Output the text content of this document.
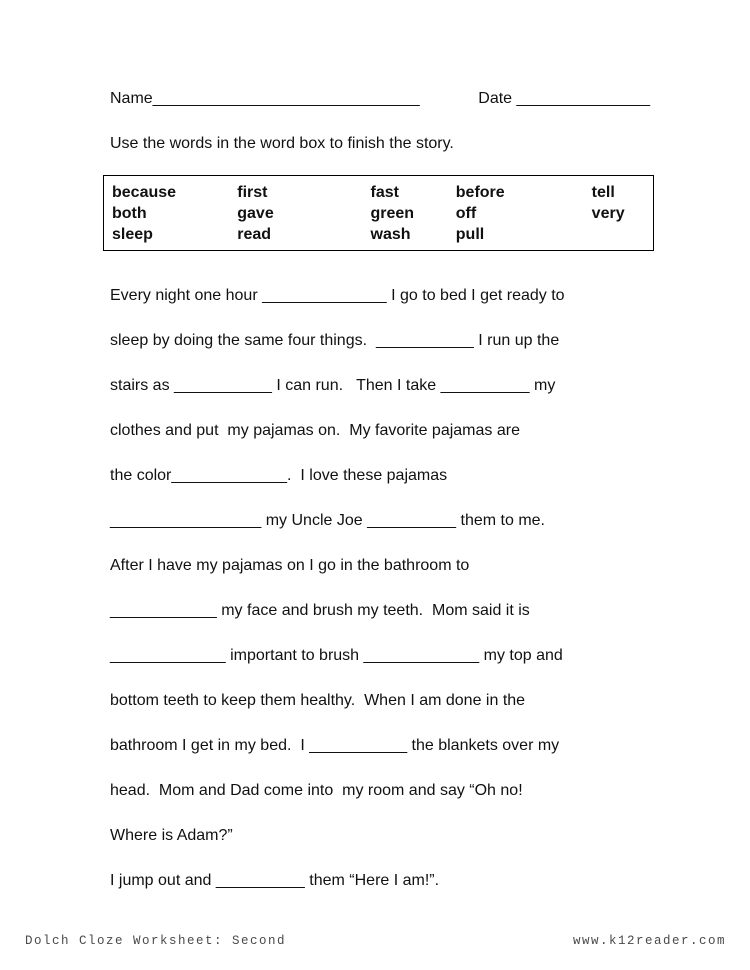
Name______________________________	Date _______________
Use the words in the word box to finish the story.
because	first	fast	before	tell
both	gave	green	off	very
sleep	read	wash	pull

Every night one hour ______________ I go to bed I get ready to

sleep by doing the same four things.  ___________ I run up the

stairs as ___________ I can run.   Then I take __________ my

clothes and put  my pajamas on.  My favorite pajamas are

the color_____________.  I love these pajamas

_________________ my Uncle Joe __________ them to me.

After I have my pajamas on I go in the bathroom to

____________ my face and brush my teeth.  Mom said it is

_____________ important to brush _____________ my top and

bottom teeth to keep them healthy.  When I am done in the

bathroom I get in my bed.  I ___________ the blankets over my

head.  Mom and Dad come into  my room and say “Oh no!

Where is Adam?”

I jump out and __________ them “Here I am!”.

Dolch Cloze Worksheet: Second	www.k12reader.com
